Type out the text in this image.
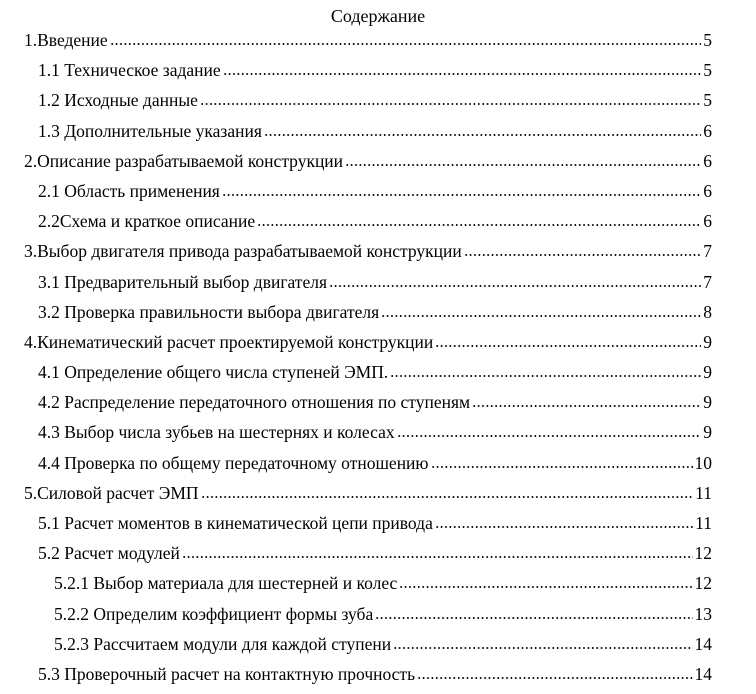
Содержание
1.Введение	5
1.1 Техническое задание	5
1.2 Исходные данные	5
1.3 Дополнительные указания	6
2.Описание разрабатываемой конструкции	6
2.1 Область применения	6
2.2Схема и краткое описание	6
3.Выбор двигателя привода разрабатываемой конструкции	7
3.1 Предварительный выбор двигателя	7
3.2 Проверка правильности выбора двигателя	8
4.Кинематический расчет проектируемой конструкции	9
4.1 Определение общего числа ступеней ЭМП.	9
4.2 Распределение передаточного отношения по ступеням	9
4.3 Выбор числа зубьев на шестернях и колесах	9
4.4 Проверка по общему передаточному отношению	10
5.Силовой расчет ЭМП	11
5.1 Расчет моментов в кинематической цепи привода	11
5.2 Расчет модулей	12
5.2.1 Выбор материала для шестерней и колес	12
5.2.2 Определим коэффициент формы зуба	13
5.2.3 Рассчитаем модули для каждой ступени	14
5.3 Проверочный расчет на контактную прочность	14
